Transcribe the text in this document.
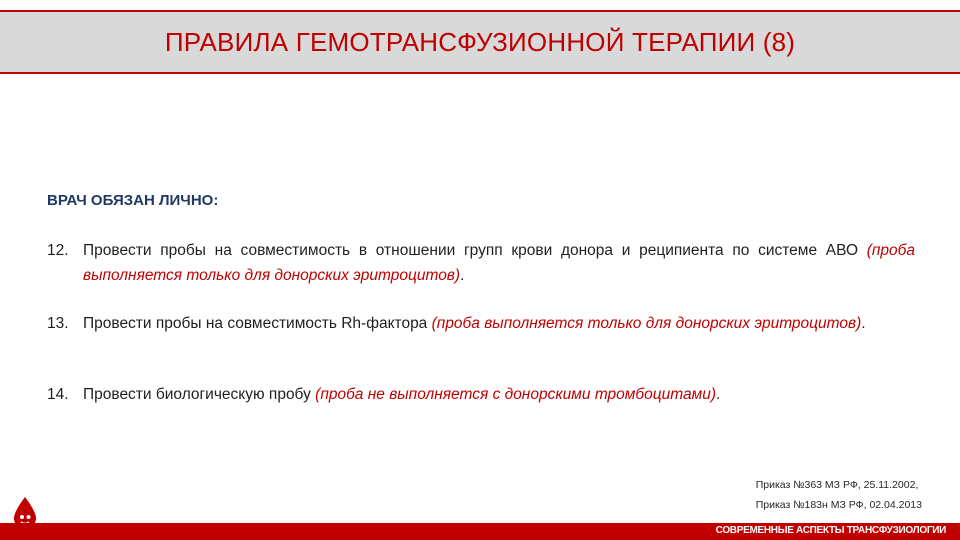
ПРАВИЛА ГЕМОТРАНСФУЗИОННОЙ ТЕРАПИИ (8)
ВРАЧ ОБЯЗАН ЛИЧНО:
12. Провести пробы на совместимость в отношении групп крови донора и реципиента по системе АВО (проба выполняется только для донорских эритроцитов).
13. Провести пробы на совместимость Rh-фактора (проба выполняется только для донорских эритроцитов).
14. Провести биологическую пробу (проба не выполняется с донорскими тромбоцитами).
Приказ №363 МЗ РФ, 25.11.2002,
Приказ №183н МЗ РФ, 02.04.2013
СОВРЕМЕННЫЕ АСПЕКТЫ ТРАНСФУЗИОЛОГИИ
